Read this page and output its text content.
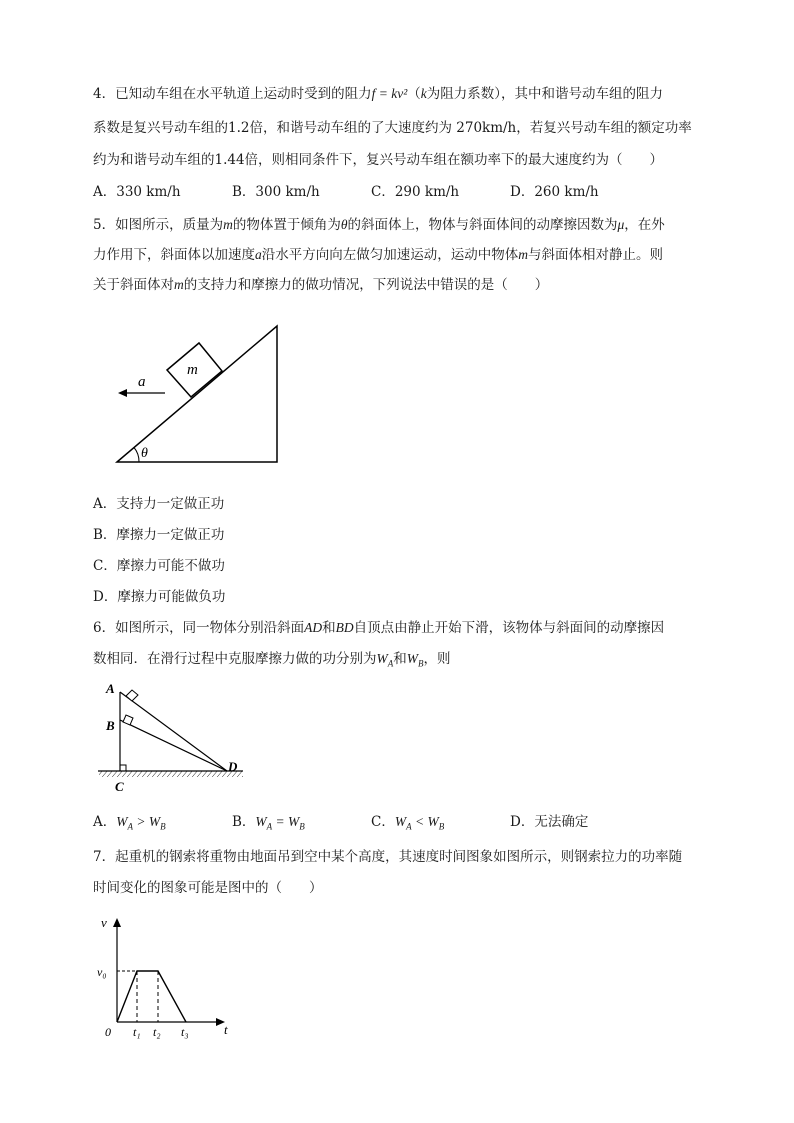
4．已知动车组在水平轨道上运动时受到的阻力f = kv²（k为阻力系数），其中和谐号动车组的阻力
系数是复兴号动车组的1.2倍，和谐号动车组的了大速度约为 270km/h，若复兴号动车组的额定功率
约为和谐号动车组的1.44倍，则相同条件下，复兴号动车组在额功率下的最大速度约为（　　）
A．330 km/h	B．300 km/h	C．290 km/h	D．260 km/h
5．如图所示，质量为m的物体置于倾角为θ的斜面体上，物体与斜面体间的动摩擦因数为μ，在外
力作用下，斜面体以加速度a沿水平方向向左做匀加速运动，运动中物体m与斜面体相对静止。则
关于斜面体对m的支持力和摩擦力的做功情况，下列说法中错误的是（　　）
θ
m
a
A．支持力一定做正功
B．摩擦力一定做正功
C．摩擦力可能不做功
D．摩擦力可能做负功
6．如图所示，同一物体分别沿斜面AD和BD自顶点由静止开始下滑，该物体与斜面间的动摩擦因
数相同．在滑行过程中克服摩擦力做的功分别为$W_A$和$W_B$，则
A
B
C
D
A．$W_A > W_B$	B．$W_A = W_B$	C．$W_A < W_B$	D．无法确定
7．起重机的钢索将重物由地面吊到空中某个高度，其速度时间图象如图所示，则钢索拉力的功率随
时间变化的图象可能是图中的（　　）
v
v₀
0	t
t₁ t₂ t₃
